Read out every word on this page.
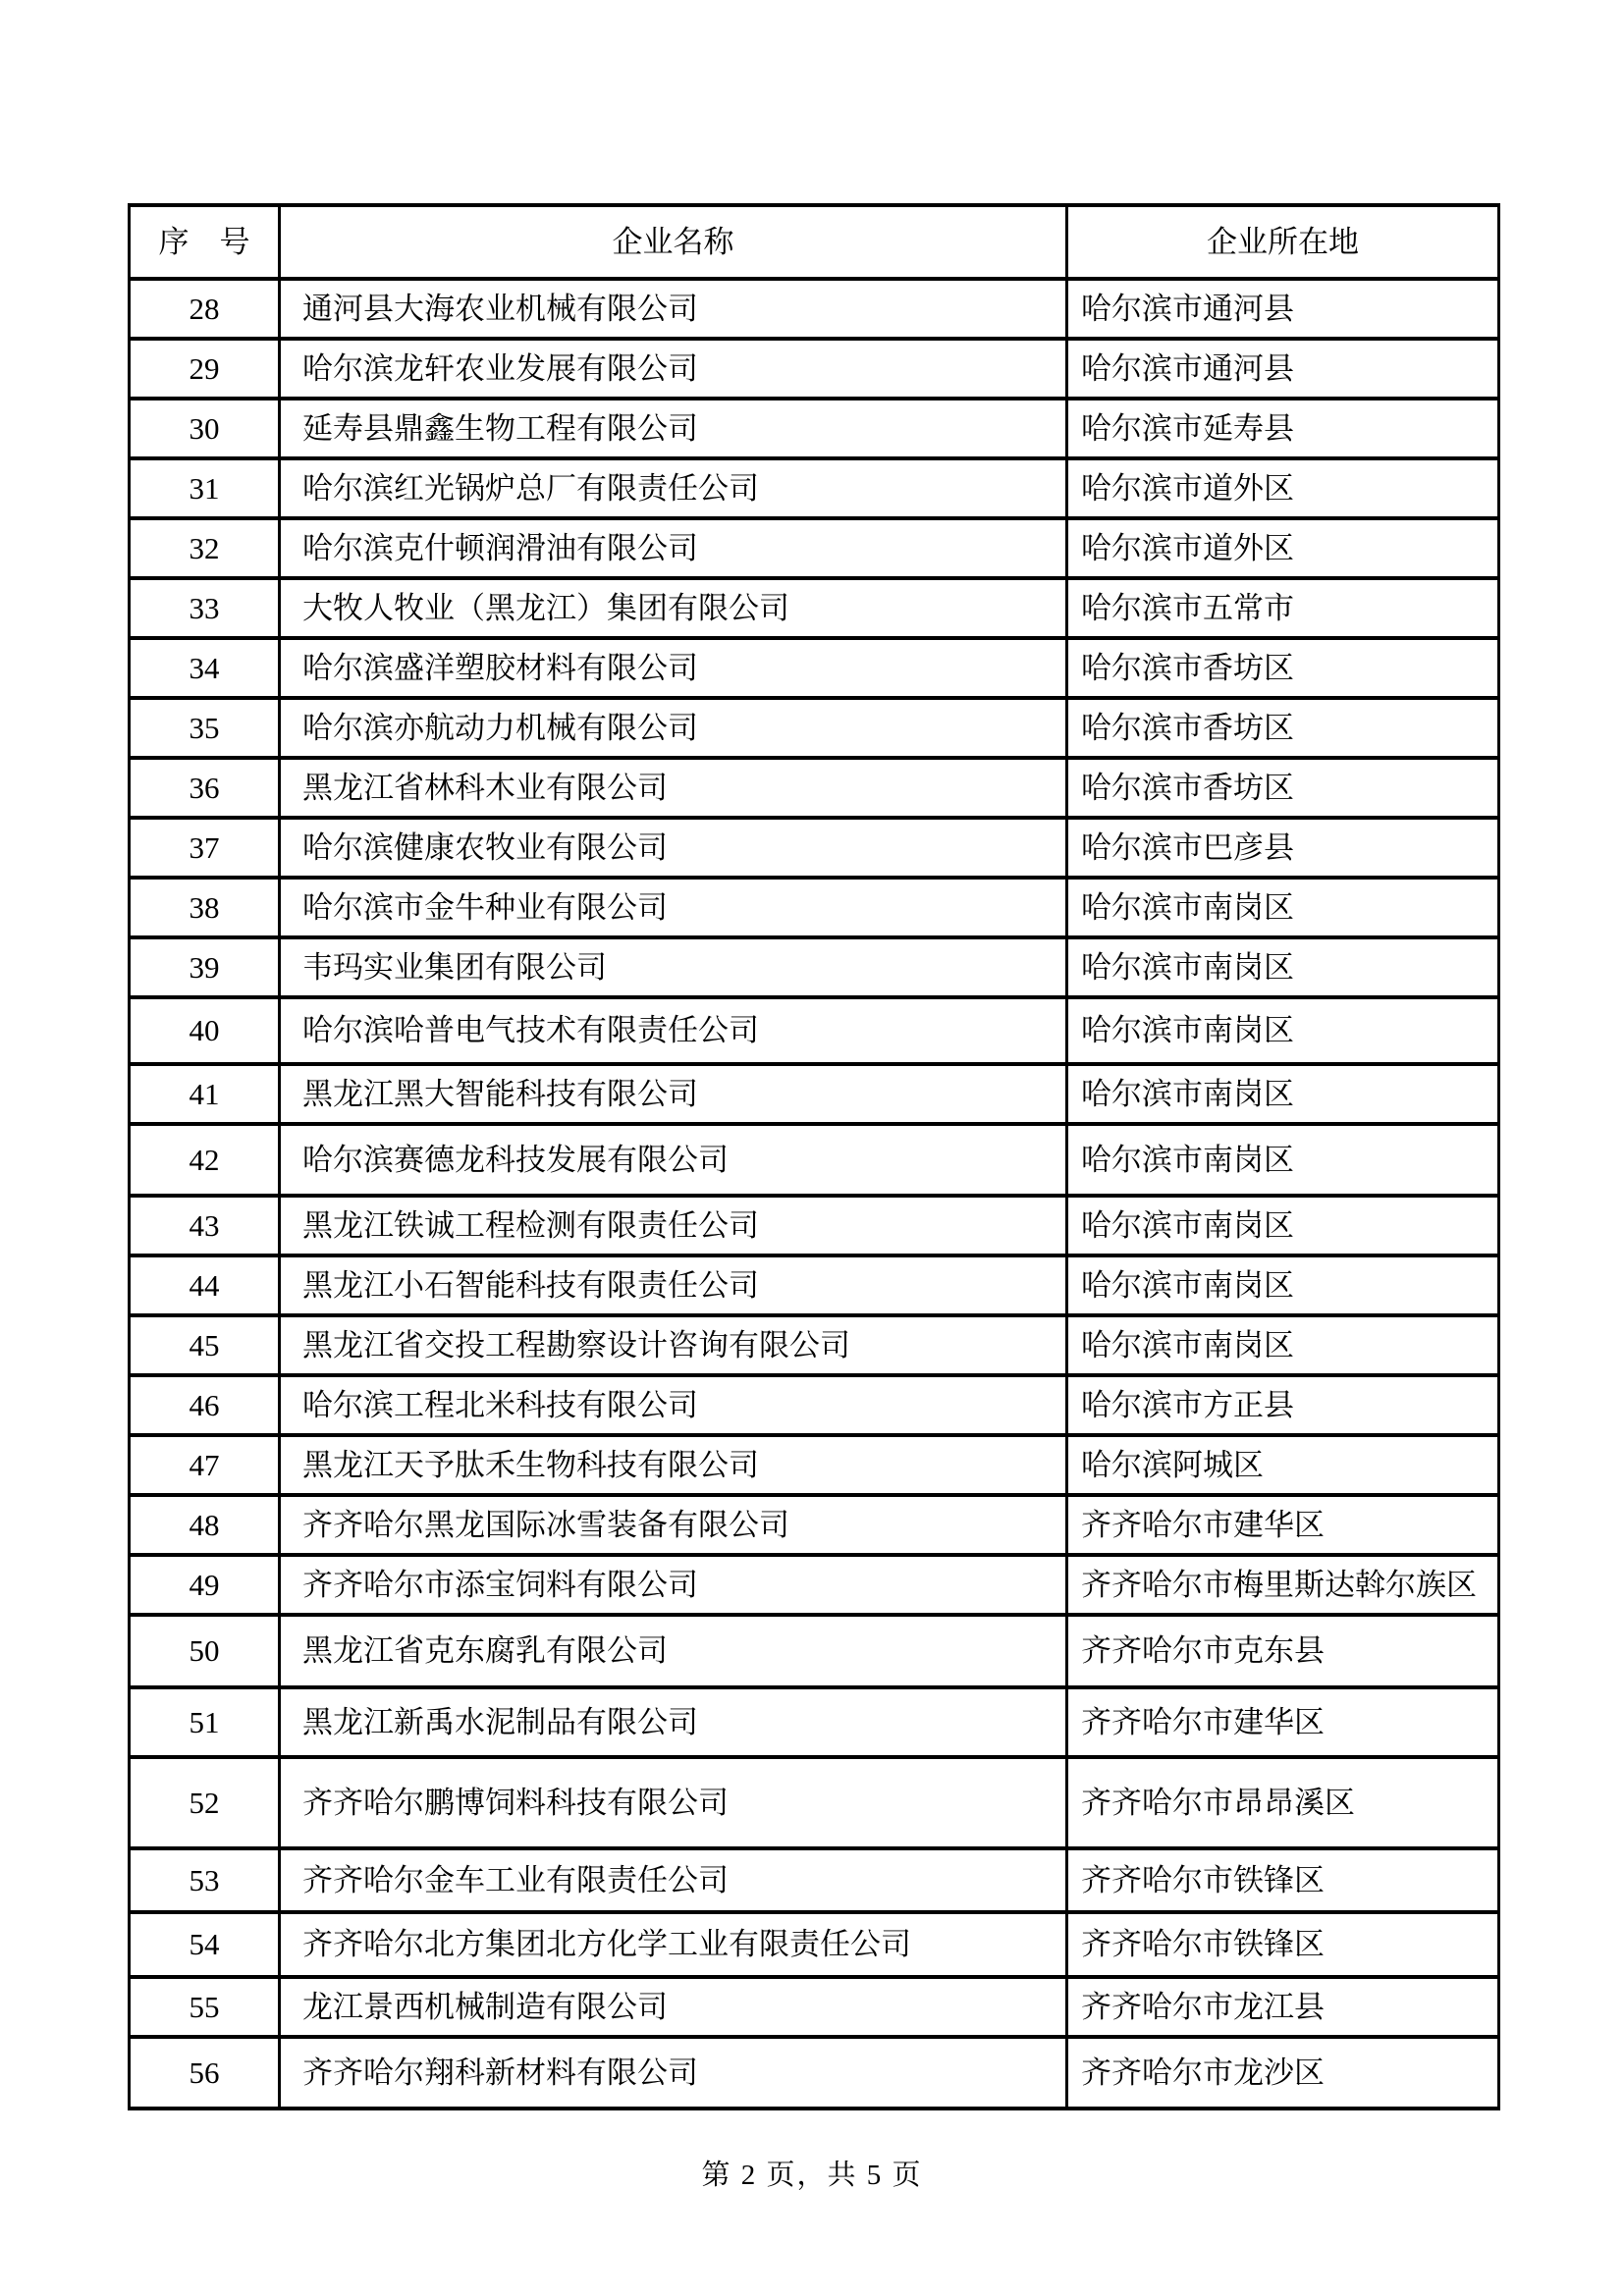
序　号	企业名称	企业所在地
28	通河县大海农业机械有限公司	哈尔滨市通河县
29	哈尔滨龙轩农业发展有限公司	哈尔滨市通河县
30	延寿县鼎鑫生物工程有限公司	哈尔滨市延寿县
31	哈尔滨红光锅炉总厂有限责任公司	哈尔滨市道外区
32	哈尔滨克什顿润滑油有限公司	哈尔滨市道外区
33	大牧人牧业（黑龙江）集团有限公司	哈尔滨市五常市
34	哈尔滨盛洋塑胶材料有限公司	哈尔滨市香坊区
35	哈尔滨亦航动力机械有限公司	哈尔滨市香坊区
36	黑龙江省林科木业有限公司	哈尔滨市香坊区
37	哈尔滨健康农牧业有限公司	哈尔滨市巴彦县
38	哈尔滨市金牛种业有限公司	哈尔滨市南岗区
39	韦玛实业集团有限公司	哈尔滨市南岗区
40	哈尔滨哈普电气技术有限责任公司	哈尔滨市南岗区
41	黑龙江黑大智能科技有限公司	哈尔滨市南岗区
42	哈尔滨赛德龙科技发展有限公司	哈尔滨市南岗区
43	黑龙江铁诚工程检测有限责任公司	哈尔滨市南岗区
44	黑龙江小石智能科技有限责任公司	哈尔滨市南岗区
45	黑龙江省交投工程勘察设计咨询有限公司	哈尔滨市南岗区
46	哈尔滨工程北米科技有限公司	哈尔滨市方正县
47	黑龙江天予肽禾生物科技有限公司	哈尔滨阿城区
48	齐齐哈尔黑龙国际冰雪装备有限公司	齐齐哈尔市建华区
49	齐齐哈尔市添宝饲料有限公司	齐齐哈尔市梅里斯达斡尔族区
50	黑龙江省克东腐乳有限公司	齐齐哈尔市克东县
51	黑龙江新禹水泥制品有限公司	齐齐哈尔市建华区
52	齐齐哈尔鹏博饲料科技有限公司	齐齐哈尔市昂昂溪区
53	齐齐哈尔金车工业有限责任公司	齐齐哈尔市铁锋区
54	齐齐哈尔北方集团北方化学工业有限责任公司	齐齐哈尔市铁锋区
55	龙江景西机械制造有限公司	齐齐哈尔市龙江县
56	齐齐哈尔翔科新材料有限公司	齐齐哈尔市龙沙区
第 2 页，共 5 页
